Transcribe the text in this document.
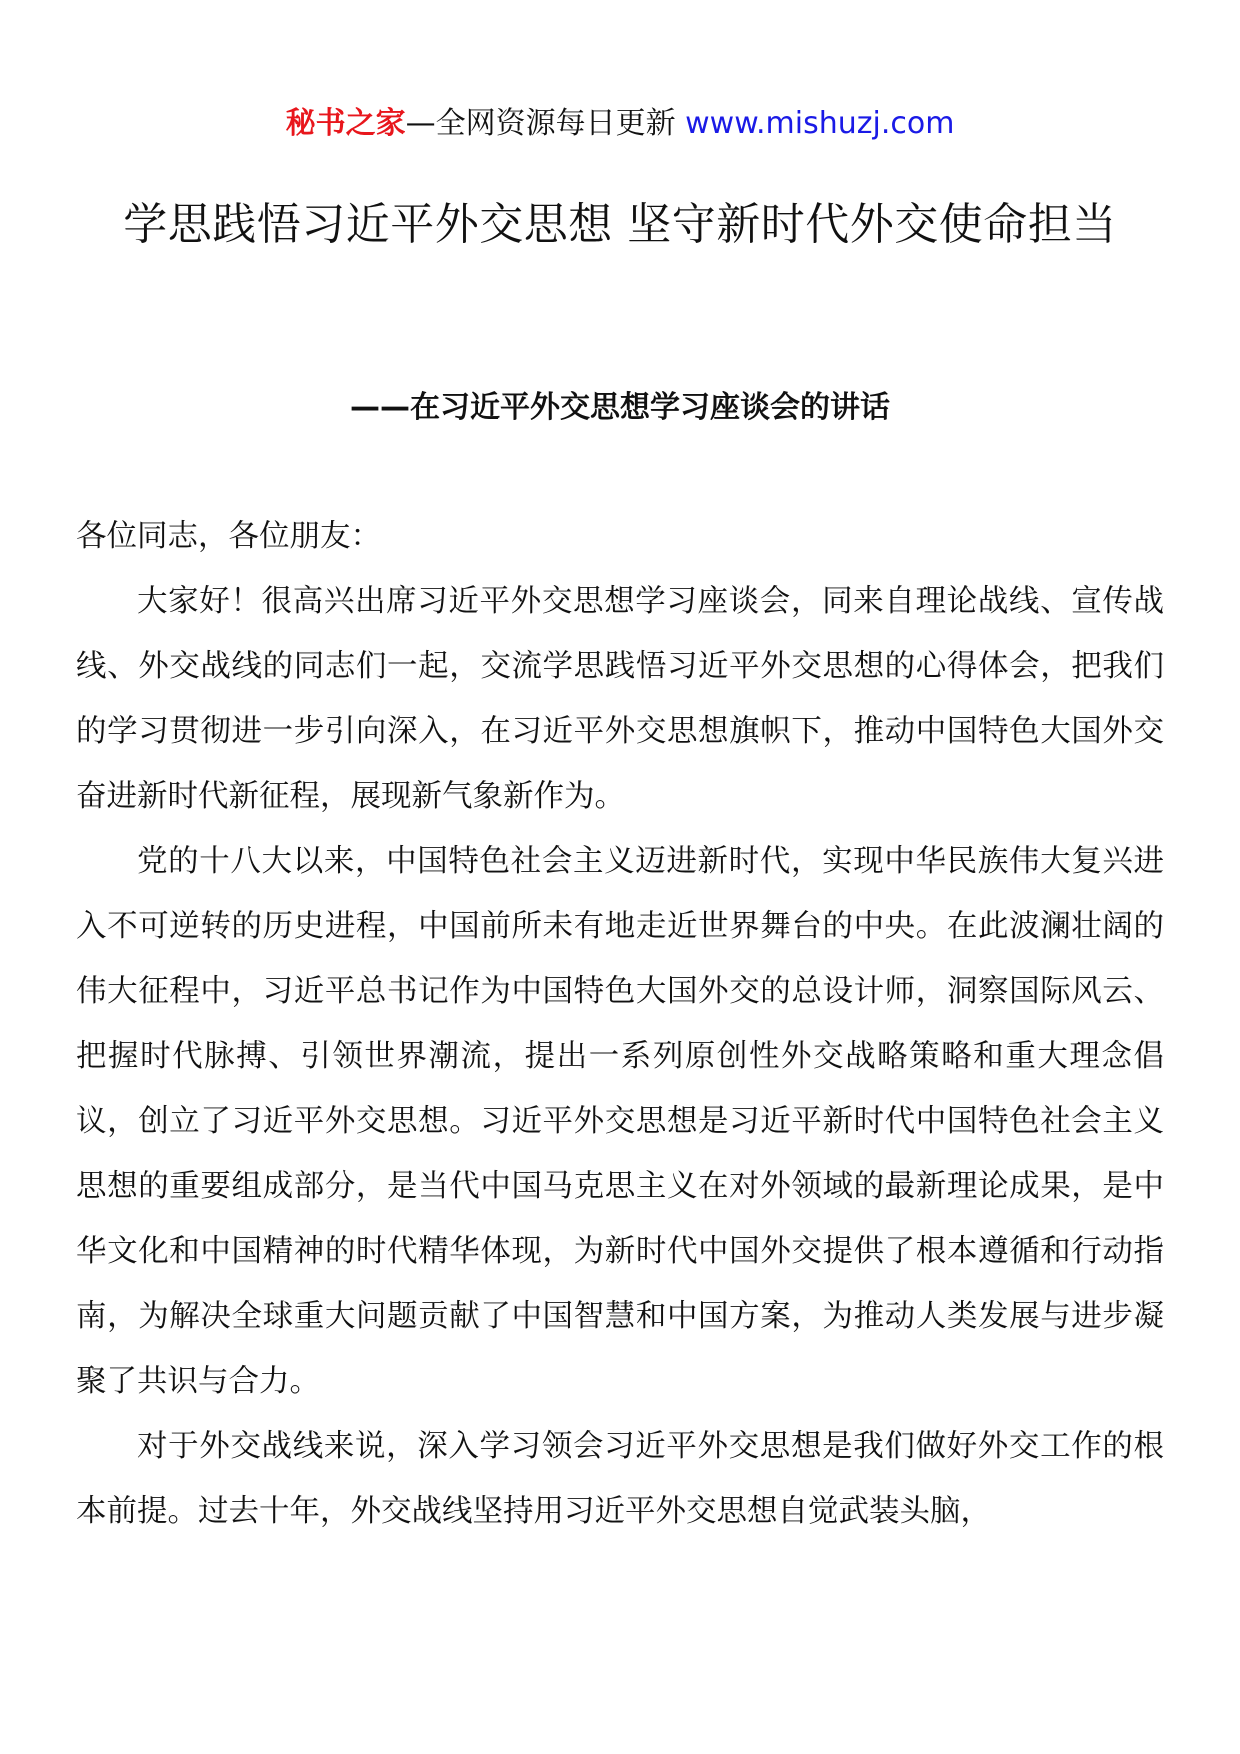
秘书之家—全网资源每日更新 www.mishuzj.com
学思践悟习近平外交思想 坚守新时代外交使命担当
——在习近平外交思想学习座谈会的讲话

各位同志，各位朋友：

大家好！很高兴出席习近平外交思想学习座谈会，同来自理论战线、宣传战线、外交战线的同志们一起，交流学思践悟习近平外交思想的心得体会，把我们的学习贯彻进一步引向深入，在习近平外交思想旗帜下，推动中国特色大国外交奋进新时代新征程，展现新气象新作为。

党的十八大以来，中国特色社会主义迈进新时代，实现中华民族伟大复兴进入不可逆转的历史进程，中国前所未有地走近世界舞台的中央。在此波澜壮阔的伟大征程中，习近平总书记作为中国特色大国外交的总设计师，洞察国际风云、把握时代脉搏、引领世界潮流，提出一系列原创性外交战略策略和重大理念倡议，创立了习近平外交思想。习近平外交思想是习近平新时代中国特色社会主义思想的重要组成部分，是当代中国马克思主义在对外领域的最新理论成果，是中华文化和中国精神的时代精华体现，为新时代中国外交提供了根本遵循和行动指南，为解决全球重大问题贡献了中国智慧和中国方案，为推动人类发展与进步凝聚了共识与合力。

对于外交战线来说，深入学习领会习近平外交思想是我们做好外交工作的根本前提。过去十年，外交战线坚持用习近平外交思想自觉武装头脑，
